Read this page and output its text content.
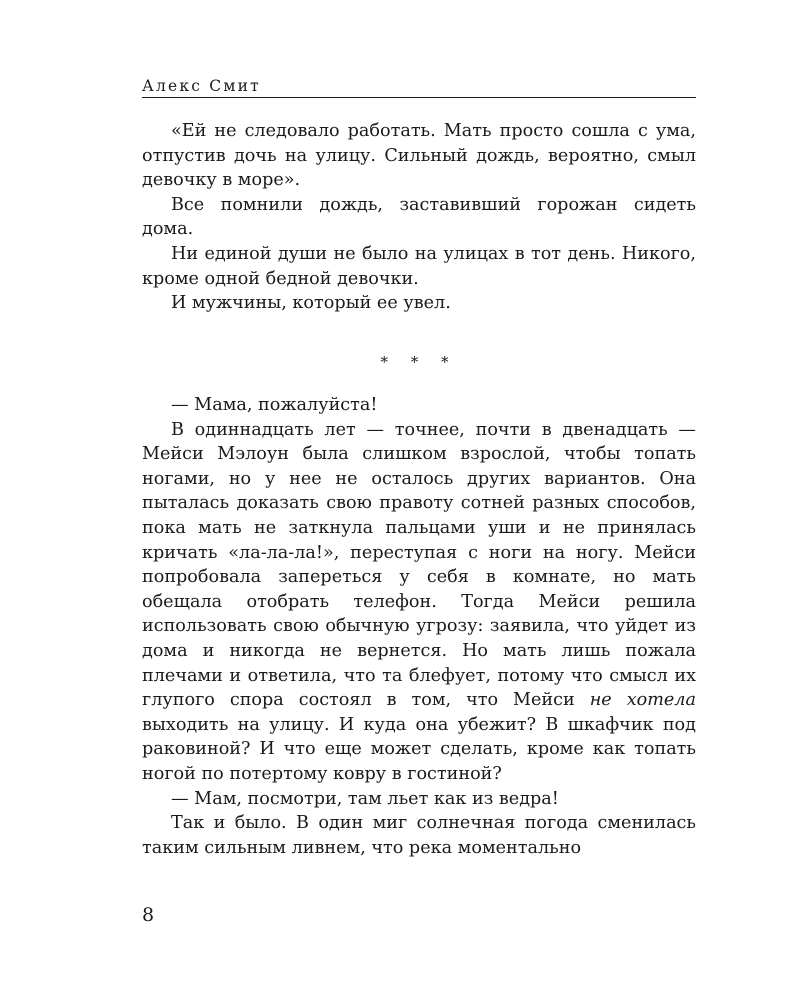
Алекс Смит

«Ей не следовало работать. Мать просто сошла с ума, отпустив дочь на улицу. Сильный дождь, вероятно, смыл девочку в море».

Все помнили дождь, заставивший горожан сидеть дома.

Ни единой души не было на улицах в тот день. Никого, кроме одной бедной девочки.

И мужчины, который ее увел.

* * *

— Мама, пожалуйста!

В одиннадцать лет — точнее, почти в двенадцать — Мейси Мэлоун была слишком взрослой, чтобы топать ногами, но у нее не осталось других вариантов. Она пыталась доказать свою правоту сотней разных способов, пока мать не заткнула пальцами уши и не принялась кричать «ла-ла-ла!», переступая с ноги на ногу. Мейси попробовала запереться у себя в комнате, но мать обещала отобрать телефон. Тогда Мейси решила использовать свою обычную угрозу: заявила, что уйдет из дома и никогда не вернется. Но мать лишь пожала плечами и ответила, что та блефует, потому что смысл их глупого спора состоял в том, что Мейси не хотела выходить на улицу. И куда она убежит? В шкафчик под раковиной? И что еще может сделать, кроме как топать ногой по потертому ковру в гостиной?

— Мам, посмотри, там льет как из ведра!

Так и было. В один миг солнечная погода сменилась таким сильным ливнем, что река моментально

8
